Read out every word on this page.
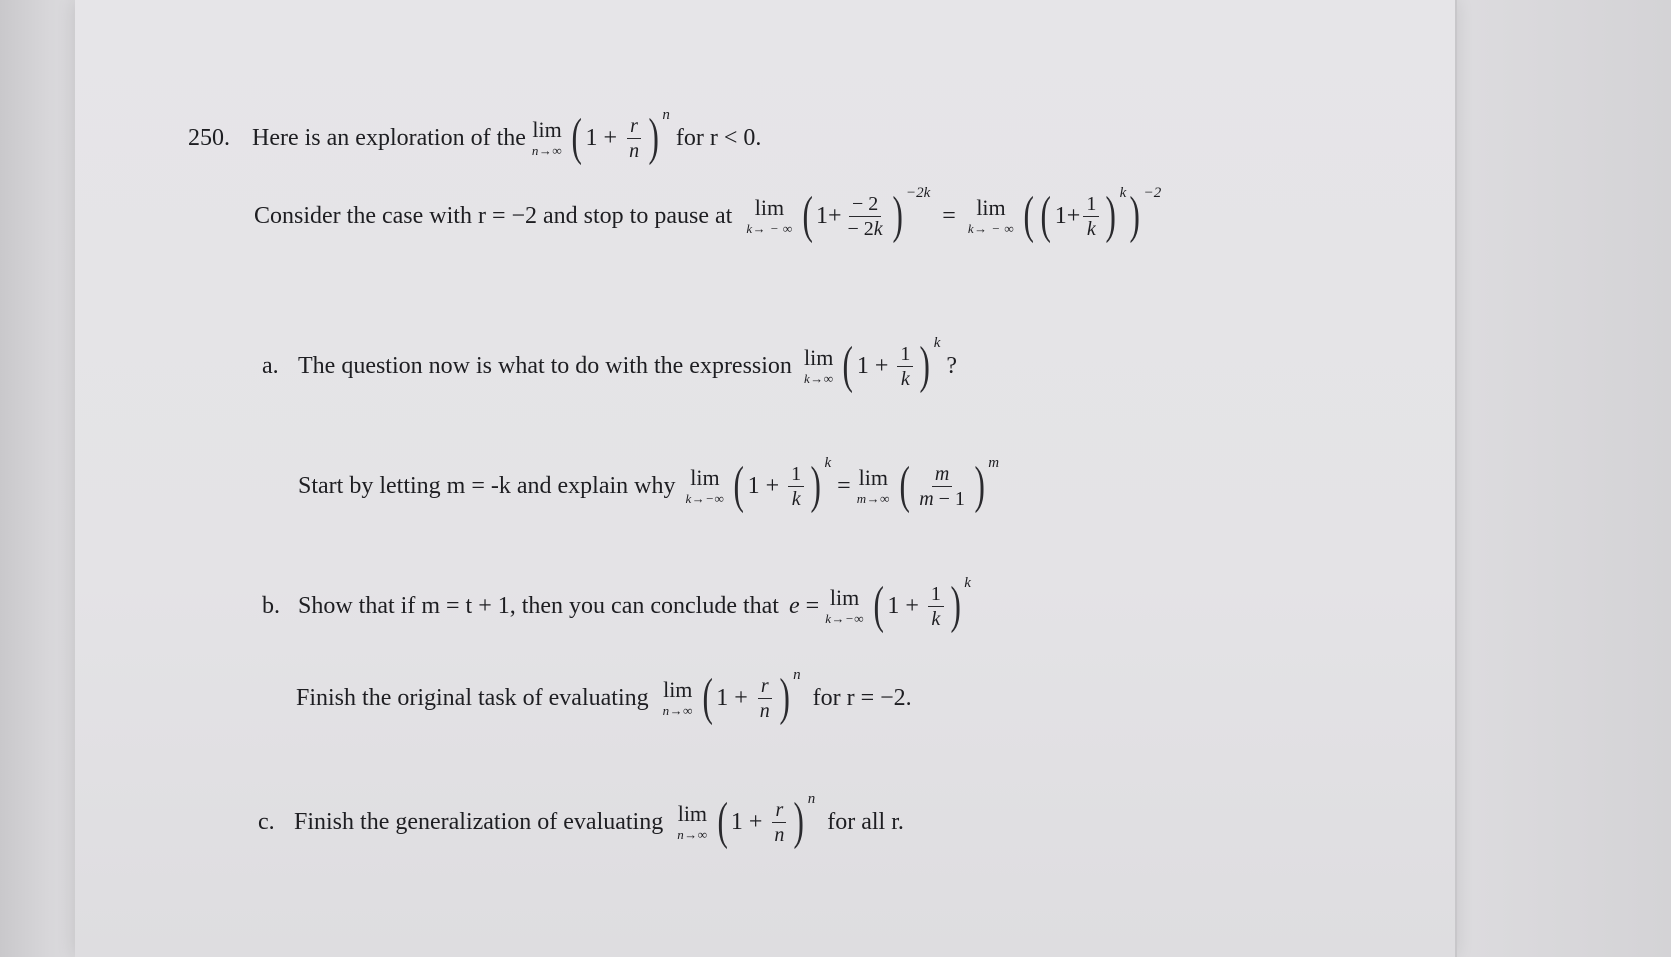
250. Here is an exploration of the lim
n→∞ ( $1 + \frac{r}{n}$ ) n
for r < 0.
Consider the case with r = −2 and stop to pause at lim
k→ − ∞ ( $1+ \frac{- 2}{- 2k}$ ) −2k
= lim
k→ − ∞ ( ( $1+ \frac{1}{k}$ ) k ) −2
a. The question now is what to do with the expression lim
k→∞ ( $1 + \frac{1}{k}$ ) k
?
Start by letting m = -k and explain why lim
k→−∞ ( $1 + \frac{1}{k}$ ) k
= lim
m→∞ ( $\frac{m}{m - 1}$ ) m
b. Show that if m = t + 1, then you can conclude that e = lim
k→−∞ ( $1 + \frac{1}{k}$ ) k
Finish the original task of evaluating lim
n→∞ ( $1 + \frac{r}{n}$ ) n
for r = −2.
c. Finish the generalization of evaluating lim
n→∞ ( $1 + \frac{r}{n}$ ) n
for all r.
